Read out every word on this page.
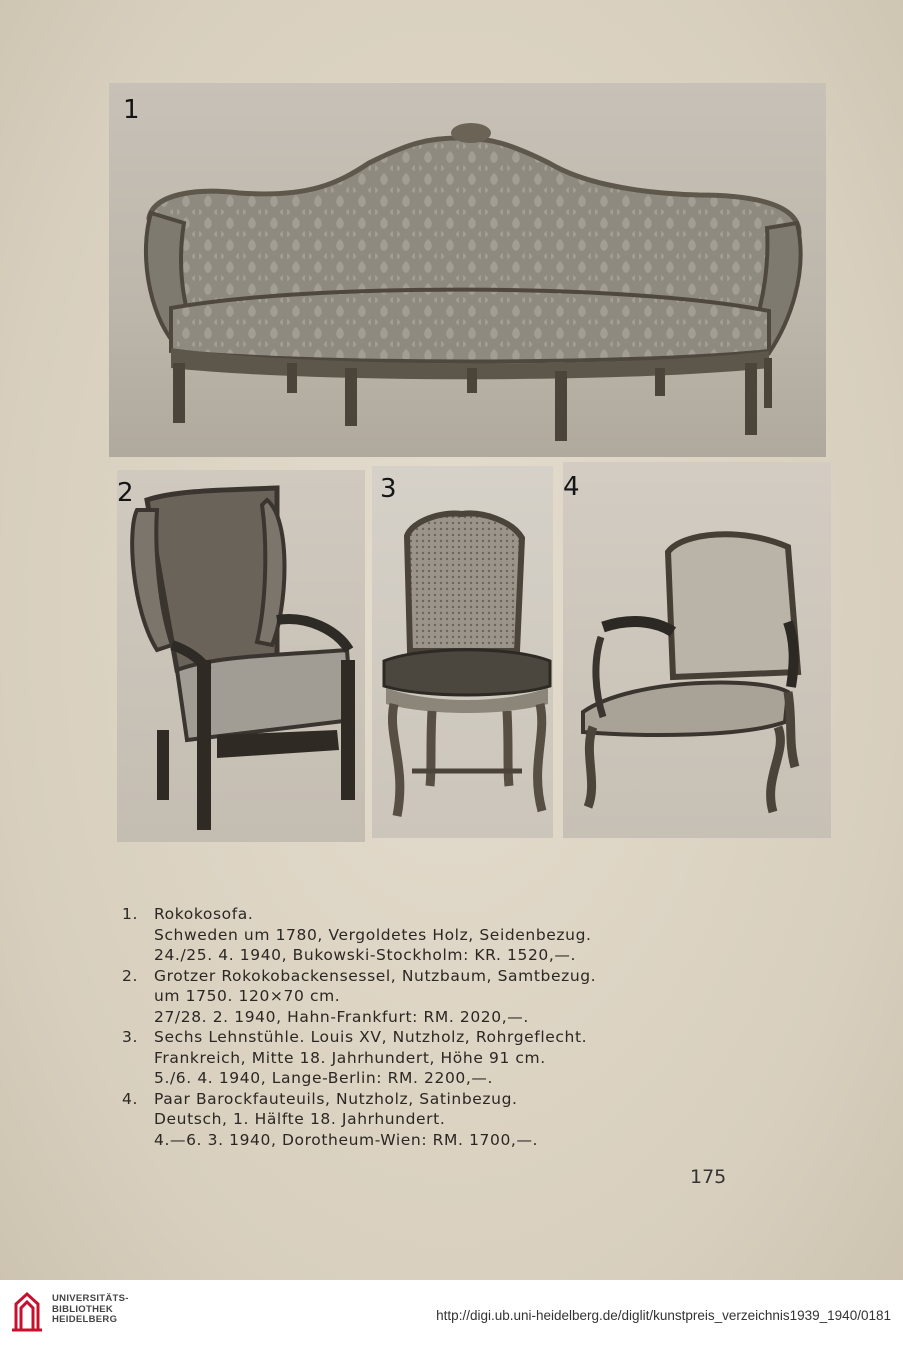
1
2	3	4
1. Rokokosofa.
Schweden um 1780, Vergoldetes Holz, Seidenbezug.
24./25. 4. 1940, Bukowski-Stockholm: KR. 1520,—.
2. Grotzer Rokokobackensessel, Nutzbaum, Samtbezug.
um 1750. 120×70 cm.
27/28. 2. 1940, Hahn-Frankfurt: RM. 2020,—.
3. Sechs Lehnstühle. Louis XV, Nutzholz, Rohrgeflecht.
Frankreich, Mitte 18. Jahrhundert, Höhe 91 cm.
5./6. 4. 1940, Lange-Berlin: RM. 2200,—.
4. Paar Barockfauteuils, Nutzholz, Satinbezug.
Deutsch, 1. Hälfte 18. Jahrhundert.
4.—6. 3. 1940, Dorotheum-Wien: RM. 1700,—.
175
UNIVERSITÄTS-
BIBLIOTHEK
HEIDELBERG	http://digi.ub.uni-heidelberg.de/diglit/kunstpreis_verzeichnis1939_1940/0181
